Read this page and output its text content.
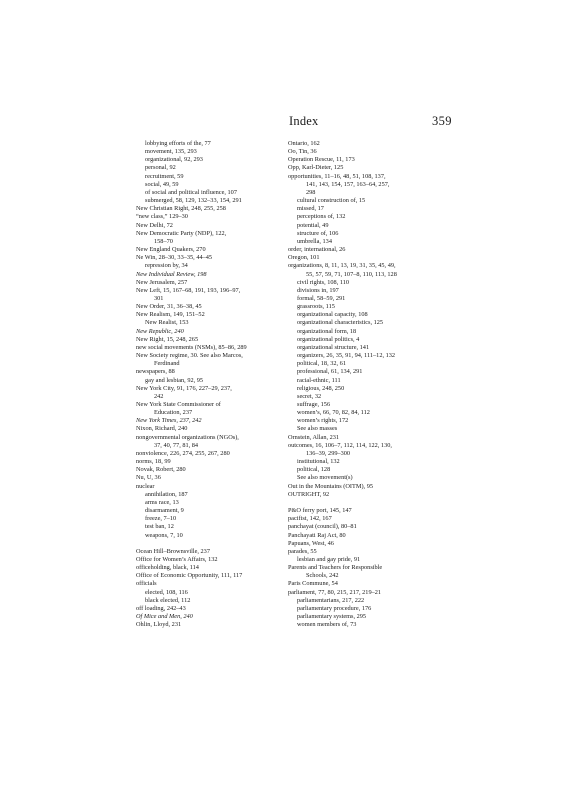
Index	359
lobbying efforts of the, 77
movement, 135, 293
organizational, 92, 293
personal, 92
recruitment, 59
social, 49, 59
of social and political influence, 107
submerged, 58, 129, 132–33, 154, 291
New Christian Right, 248, 255, 258
“new class,” 129–30
New Delhi, 72
New Democratic Party (NDP), 122,
158–70
New England Quakers, 270
Ne Win, 28–30, 33–35, 44–45
repression by, 34
New Individual Review, 198
New Jerusalem, 257
New Left, 15, 167–68, 191, 193, 196–97,
301
New Order, 31, 36–38, 45
New Realism, 149, 151–52
New Realist, 153
New Republic, 240
New Right, 15, 248, 265
new social movements (NSMs), 85–86, 289
New Society regime, 30. See also Marcos,
Ferdinand
newspapers, 88
gay and lesbian, 92, 95
New York City, 91, 176, 227–29, 237,
242
New York State Commissioner of
Education, 237
New York Times, 237, 242
Nixon, Richard, 240
nongovernmental organizations (NGOs),
37, 40, 77, 81, 84
nonviolence, 226, 274, 255, 267, 280
norms, 18, 99
Novak, Robert, 280
Nu, U, 36
nuclear
annihilation, 187
arms race, 13
disarmament, 9
freeze, 7–10
test ban, 12
weapons, 7, 10
Ocean Hill–Brownsville, 237
Office for Women’s Affairs, 132
officeholding, black, 114
Office of Economic Opportunity, 111, 117
officials
elected, 108, 116
black elected, 112
off loading, 242–43
Of Mice and Men, 240
Ohlin, Lloyd, 231
Ontario, 162
Oo, Tin, 36
Operation Rescue, 11, 173
Opp, Karl-Dieter, 125
opportunities, 11–16, 48, 51, 108, 137,
141, 143, 154, 157, 163–64, 257,
298
cultural construction of, 15
missed, 17
perceptions of, 132
potential, 49
structure of, 106
umbrella, 134
order, international, 26
Oregon, 101
organizations, 8, 11, 13, 19, 31, 35, 45, 49,
55, 57, 59, 71, 107–8, 110, 113, 128
civil rights, 108, 110
divisions in, 197
formal, 58–59, 291
grassroots, 115
organizational capacity, 108
organizational characteristics, 125
organizational form, 18
organizational politics, 4
organizational structure, 141
organizers, 26, 35, 91, 94, 111–12, 132
political, 18, 32, 61
professional, 61, 134, 291
racial-ethnic, 111
religious, 248, 250
secret, 32
suffrage, 156
women’s, 66, 70, 82, 84, 112
women’s rights, 172
See also masses
Ornstein, Allan, 231
outcomes, 16, 106–7, 112, 114, 122, 130,
136–39, 299–300
institutional, 132
political, 128
See also movement(s)
Out in the Mountains (OITM), 95
OUTRIGHT, 92
P&O ferry port, 145, 147
pacifist, 142, 167
panchayat (council), 80–81
Panchayati Raj Act, 80
Papuans, West, 46
parades, 55
lesbian and gay pride, 91
Parents and Teachers for Responsible
Schools, 242
Paris Commune, 54
parliament, 77, 80, 215, 217, 219–21
parliamentarians, 217, 222
parliamentary procedure, 176
parliamentary systems, 295
women members of, 73
